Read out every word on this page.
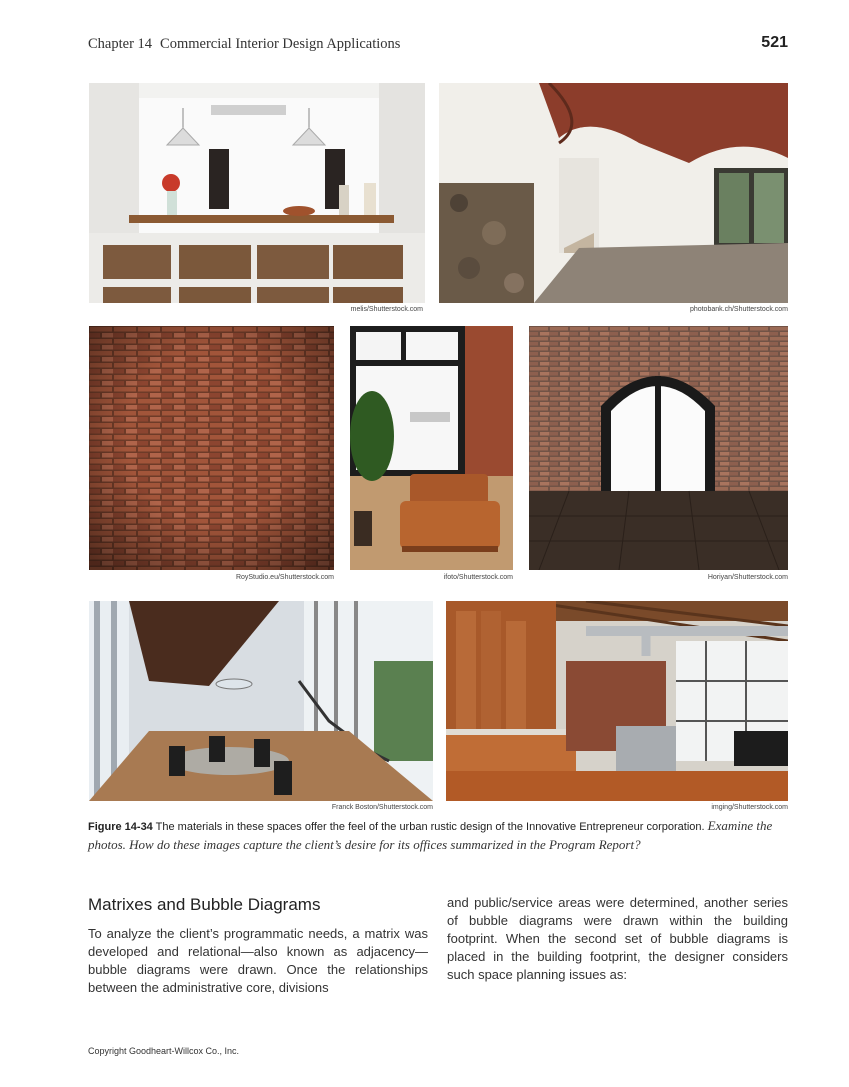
Chapter 14 Commercial Interior Design Applications	521
melis/Shutterstock.com	photobank.ch/Shutterstock.com
RoyStudio.eu/Shutterstock.com	ifoto/Shutterstock.com	Horiyan/Shutterstock.com
Franck Boston/Shutterstock.com	imging/Shutterstock.com
Figure 14-34 The materials in these spaces offer the feel of the urban rustic design of the Innovative Entrepreneur corporation. Examine the photos. How do these images capture the client’s desire for its offices summarized in the Program Report?
Matrixes and Bubble Diagrams
To analyze the client’s programmatic needs, a matrix was developed and relational—also known as adjacency—bubble diagrams were drawn. Once the relationships between the administrative core, divisions
and public/service areas were determined, another series of bubble diagrams were drawn within the building footprint. When the second set of bubble diagrams is placed in the building footprint, the designer considers such space planning issues as:
Copyright Goodheart-Willcox Co., Inc.
